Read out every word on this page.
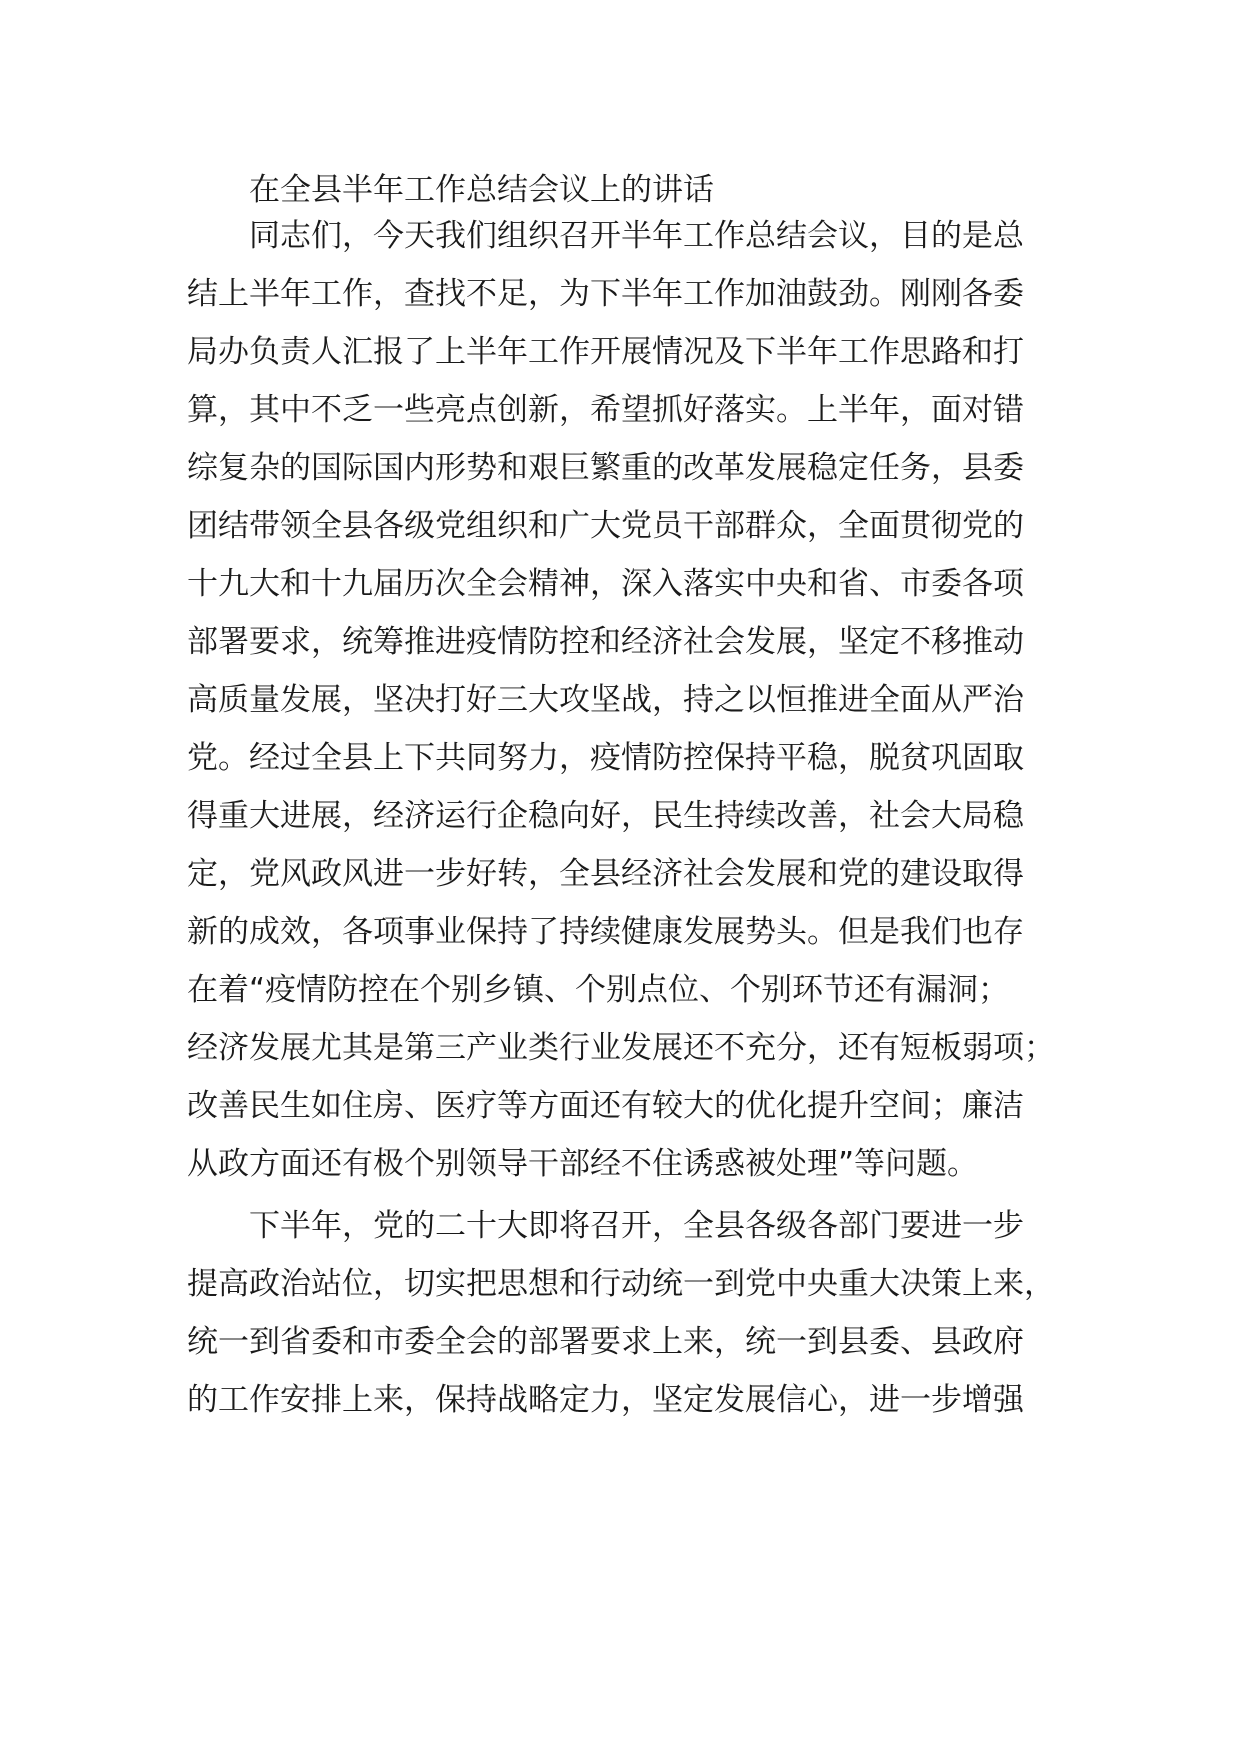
在全县半年工作总结会议上的讲话

同志们，今天我们组织召开半年工作总结会议，目的是总

结上半年工作，查找不足，为下半年工作加油鼓劲。刚刚各委

局办负责人汇报了上半年工作开展情况及下半年工作思路和打

算，其中不乏一些亮点创新，希望抓好落实。上半年，面对错

综复杂的国际国内形势和艰巨繁重的改革发展稳定任务，县委

团结带领全县各级党组织和广大党员干部群众，全面贯彻党的

十九大和十九届历次全会精神，深入落实中央和省、市委各项

部署要求，统筹推进疫情防控和经济社会发展，坚定不移推动

高质量发展，坚决打好三大攻坚战，持之以恒推进全面从严治

党。经过全县上下共同努力，疫情防控保持平稳，脱贫巩固取

得重大进展，经济运行企稳向好，民生持续改善，社会大局稳

定，党风政风进一步好转，全县经济社会发展和党的建设取得

新的成效，各项事业保持了持续健康发展势头。但是我们也存

在着“疫情防控在个别乡镇、个别点位、个别环节还有漏洞；

经济发展尤其是第三产业类行业发展还不充分，还有短板弱项；

改善民生如住房、医疗等方面还有较大的优化提升空间；廉洁

从政方面还有极个别领导干部经不住诱惑被处理”等问题。

下半年，党的二十大即将召开，全县各级各部门要进一步

提高政治站位，切实把思想和行动统一到党中央重大决策上来，

统一到省委和市委全会的部署要求上来，统一到县委、县政府

的工作安排上来，保持战略定力，坚定发展信心，进一步增强
